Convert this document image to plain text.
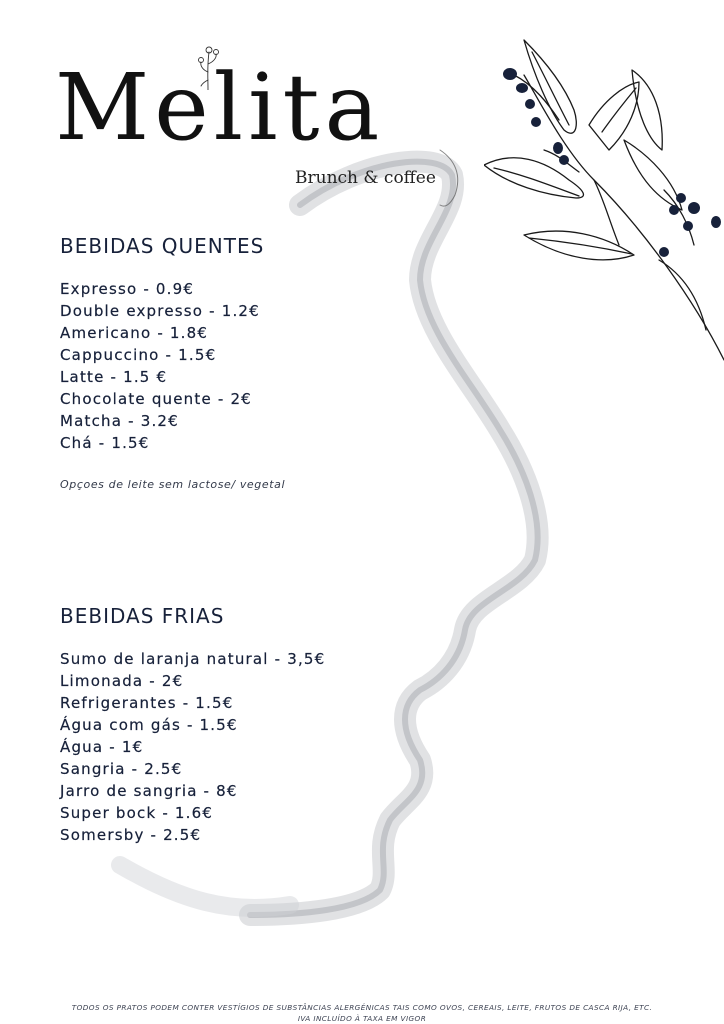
Melita
Brunch & coffee
BEBIDAS QUENTES
Expresso - 0.9€
Double expresso - 1.2€
Americano - 1.8€
Cappuccino - 1.5€
Latte - 1.5 €
Chocolate quente - 2€
Matcha - 3.2€
Chá - 1.5€
Opçoes de leite sem lactose/ vegetal
BEBIDAS FRIAS
Sumo de laranja natural - 3,5€
Limonada - 2€
Refrigerantes - 1.5€
Água com gás - 1.5€
Água - 1€
Sangria - 2.5€
Jarro de sangria - 8€
Super bock - 1.6€
Somersby - 2.5€
TODOS OS PRATOS PODEM CONTER VESTÍGIOS DE SUBSTÂNCIAS ALERGÉNICAS TAIS COMO OVOS, CEREAIS, LEITE, FRUTOS DE CASCA RIJA, ETC.
IVA INCLUÍDO À TAXA EM VIGOR
